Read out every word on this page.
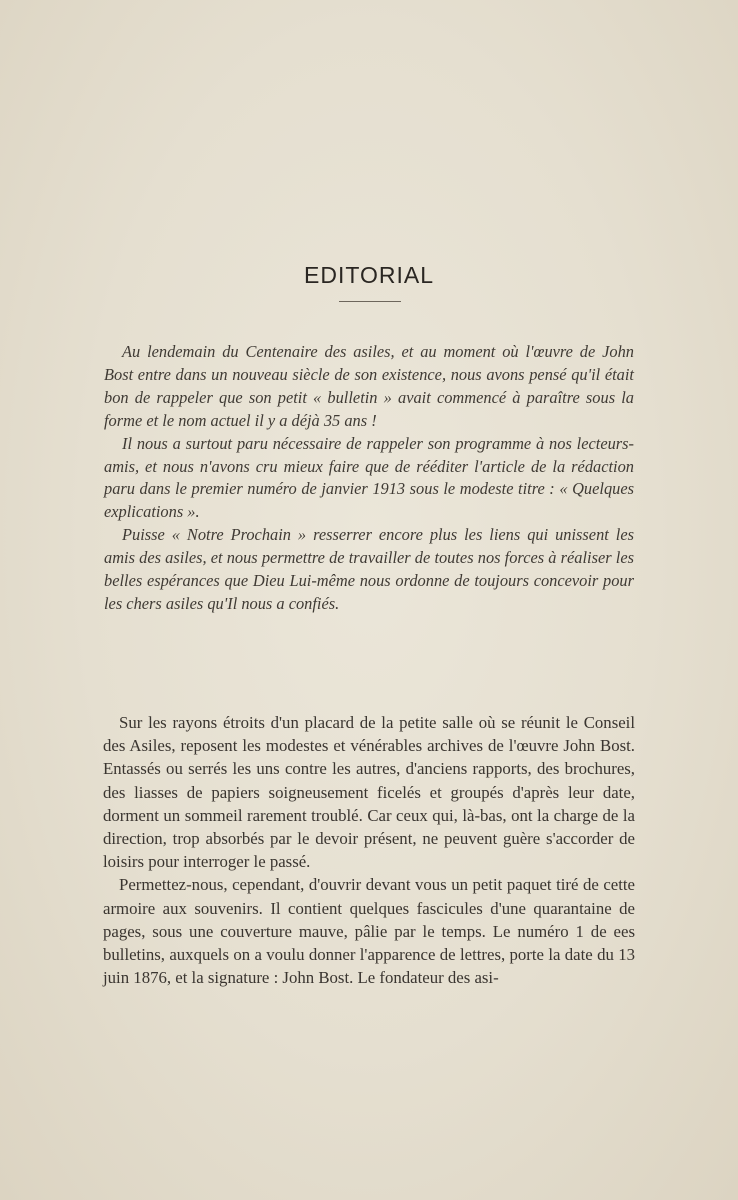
EDITORIAL

Au lendemain du Centenaire des asiles, et au moment où l'œuvre de John Bost entre dans un nouveau siècle de son existence, nous avons pensé qu'il était bon de rappeler que son petit « bulletin » avait commencé à paraître sous la forme et le nom actuel il y a déjà 35 ans !

Il nous a surtout paru nécessaire de rappeler son programme à nos lecteurs-amis, et nous n'avons cru mieux faire que de rééditer l'article de la rédaction paru dans le premier numéro de janvier 1913 sous le modeste titre : « Quelques explications ».

Puisse « Notre Prochain » resserrer encore plus les liens qui unissent les amis des asiles, et nous permettre de travailler de toutes nos forces à réaliser les belles espérances que Dieu Lui-même nous ordonne de toujours concevoir pour les chers asiles qu'Il nous a confiés.

Sur les rayons étroits d'un placard de la petite salle où se réunit le Conseil des Asiles, reposent les modestes et vénérables archives de l'œuvre John Bost. Entassés ou serrés les uns contre les autres, d'anciens rapports, des brochures, des liasses de papiers soigneusement ficelés et groupés d'après leur date, dorment un sommeil rarement troublé. Car ceux qui, là-bas, ont la charge de la direction, trop absorbés par le devoir présent, ne peuvent guère s'accorder de loisirs pour interroger le passé.

Permettez-nous, cependant, d'ouvrir devant vous un petit paquet tiré de cette armoire aux souvenirs. Il contient quelques fascicules d'une quarantaine de pages, sous une couverture mauve, pâlie par le temps. Le numéro 1 de ees bulletins, auxquels on a voulu donner l'apparence de lettres, porte la date du 13 juin 1876, et la signature : John Bost. Le fondateur des asi-
